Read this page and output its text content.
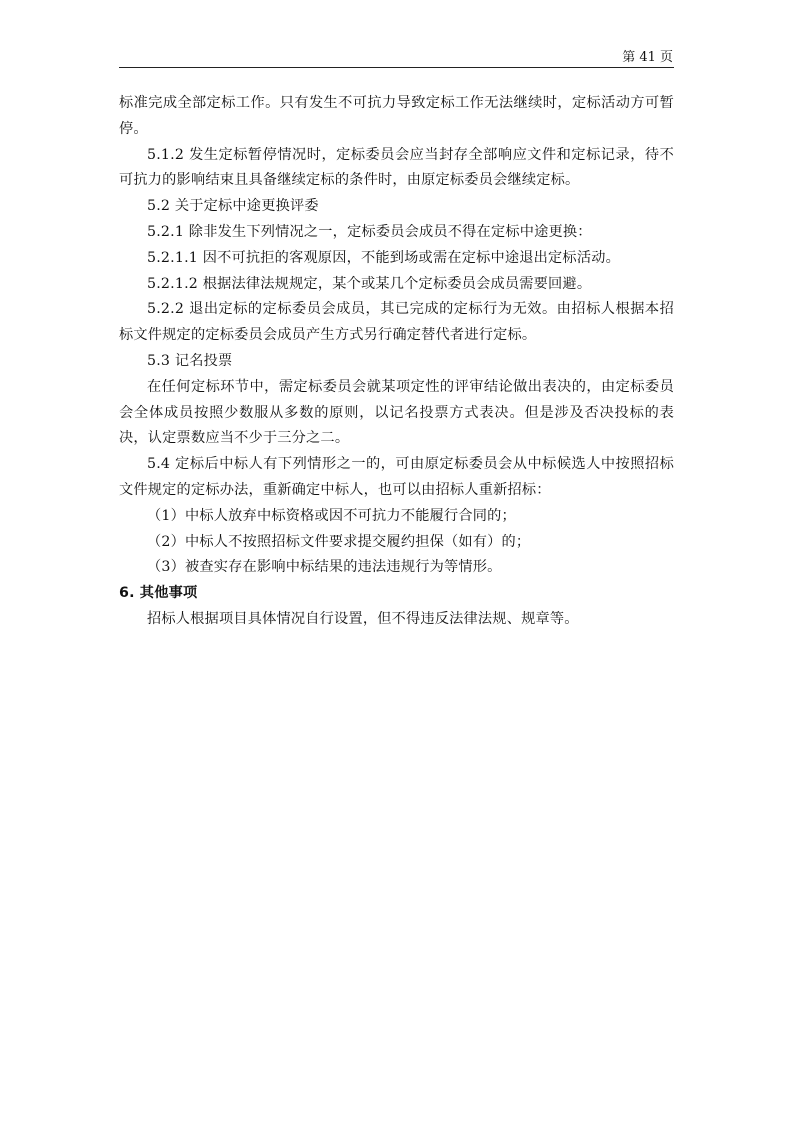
第 41 页

标准完成全部定标工作。只有发生不可抗力导致定标工作无法继续时，定标活动方可暂停。

5.1.2 发生定标暂停情况时，定标委员会应当封存全部响应文件和定标记录，待不可抗力的影响结束且具备继续定标的条件时，由原定标委员会继续定标。

5.2 关于定标中途更换评委

5.2.1 除非发生下列情况之一，定标委员会成员不得在定标中途更换：

5.2.1.1 因不可抗拒的客观原因，不能到场或需在定标中途退出定标活动。

5.2.1.2 根据法律法规规定，某个或某几个定标委员会成员需要回避。

5.2.2 退出定标的定标委员会成员，其已完成的定标行为无效。由招标人根据本招标文件规定的定标委员会成员产生方式另行确定替代者进行定标。

5.3 记名投票

在任何定标环节中，需定标委员会就某项定性的评审结论做出表决的，由定标委员会全体成员按照少数服从多数的原则，以记名投票方式表决。但是涉及否决投标的表决，认定票数应当不少于三分之二。

5.4 定标后中标人有下列情形之一的，可由原定标委员会从中标候选人中按照招标文件规定的定标办法，重新确定中标人，也可以由招标人重新招标：

（1）中标人放弃中标资格或因不可抗力不能履行合同的；

（2）中标人不按照招标文件要求提交履约担保（如有）的；

（3）被查实存在影响中标结果的违法违规行为等情形。

6. 其他事项

招标人根据项目具体情况自行设置，但不得违反法律法规、规章等。
